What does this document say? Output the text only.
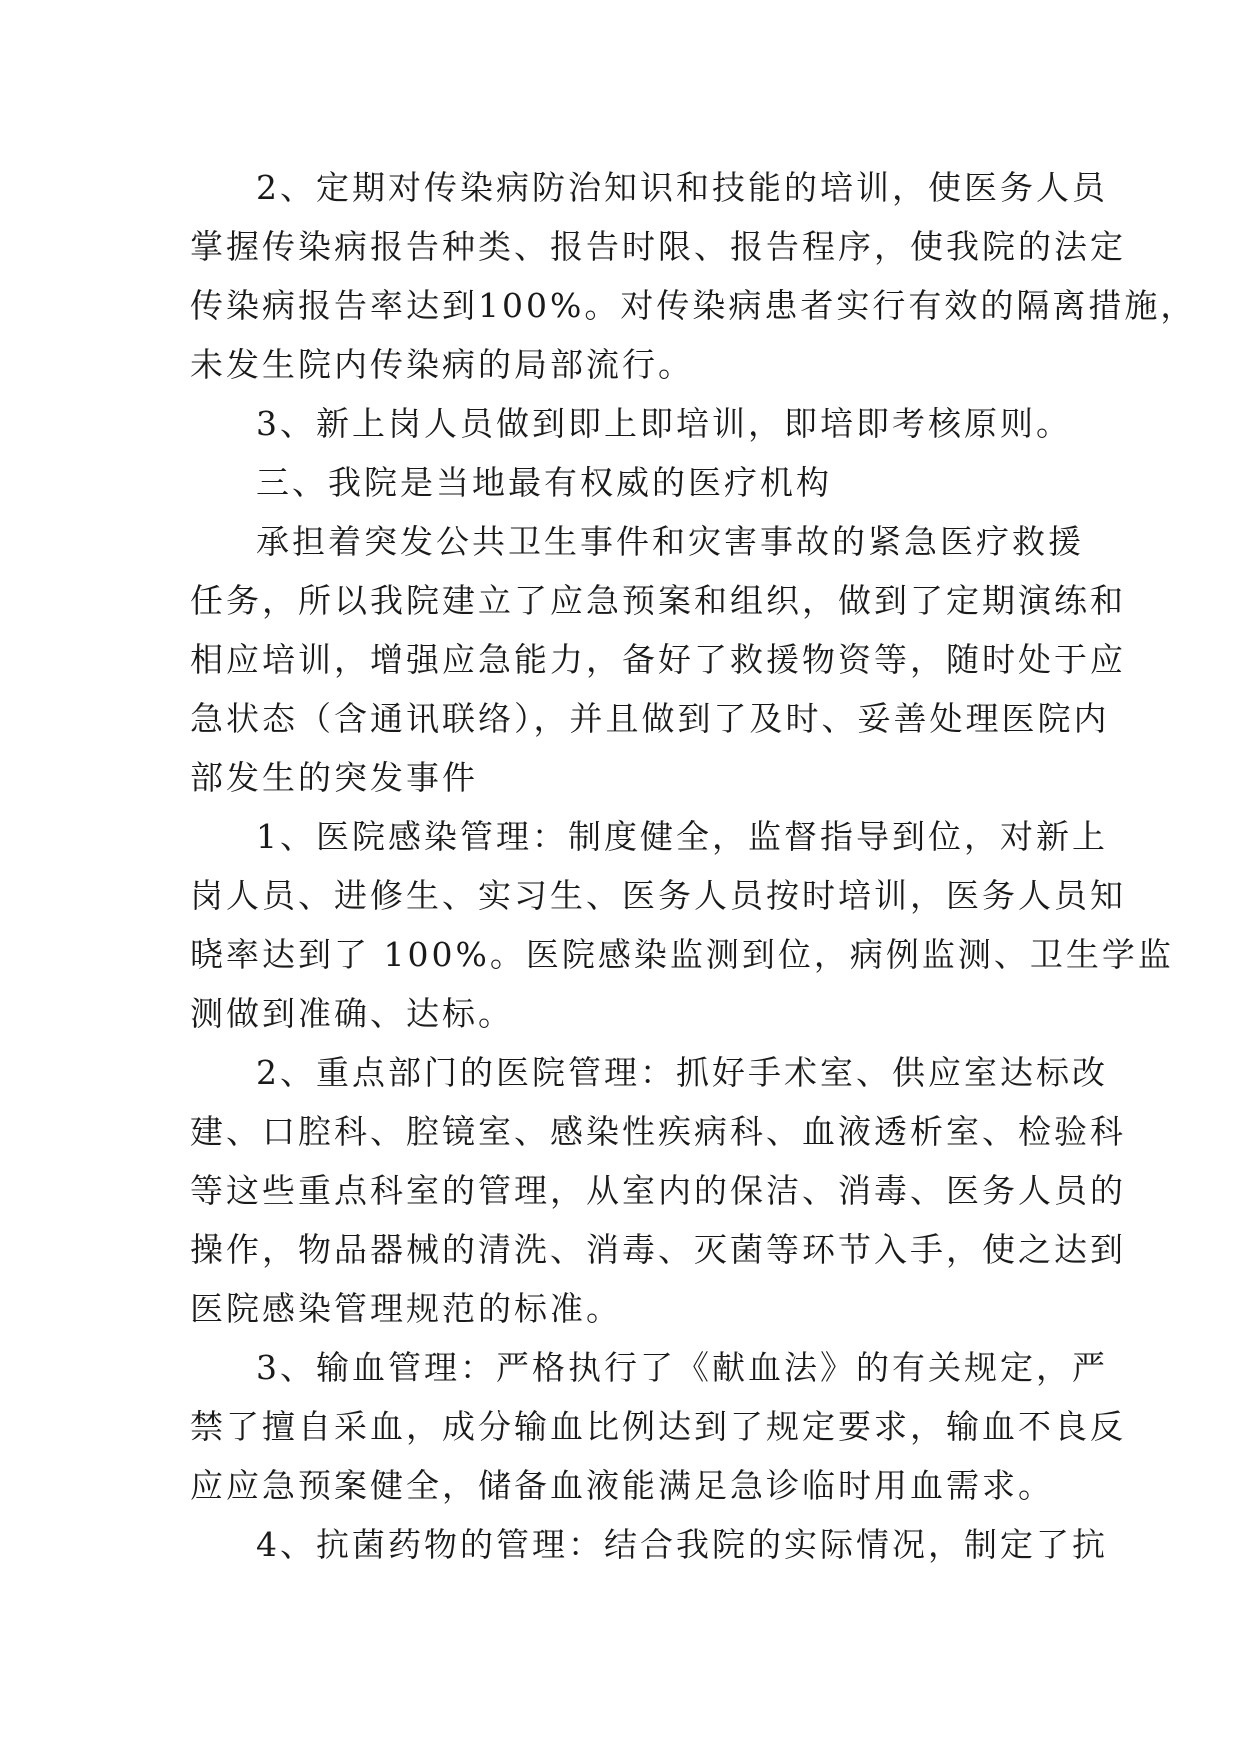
2、定期对传染病防治知识和技能的培训，使医务人员
掌握传染病报告种类、报告时限、报告程序，使我院的法定
传染病报告率达到100%。对传染病患者实行有效的隔离措施，
未发生院内传染病的局部流行。
3、新上岗人员做到即上即培训，即培即考核原则。
三、我院是当地最有权威的医疗机构
承担着突发公共卫生事件和灾害事故的紧急医疗救援
任务，所以我院建立了应急预案和组织，做到了定期演练和
相应培训，增强应急能力，备好了救援物资等，随时处于应
急状态（含通讯联络），并且做到了及时、妥善处理医院内
部发生的突发事件
1、医院感染管理：制度健全，监督指导到位，对新上
岗人员、进修生、实习生、医务人员按时培训，医务人员知
晓率达到了 100%。医院感染监测到位，病例监测、卫生学监
测做到准确、达标。
2、重点部门的医院管理：抓好手术室、供应室达标改
建、口腔科、腔镜室、感染性疾病科、血液透析室、检验科
等这些重点科室的管理，从室内的保洁、消毒、医务人员的
操作，物品器械的清洗、消毒、灭菌等环节入手，使之达到
医院感染管理规范的标准。
3、输血管理：严格执行了《献血法》的有关规定，严
禁了擅自采血，成分输血比例达到了规定要求，输血不良反
应应急预案健全，储备血液能满足急诊临时用血需求。
4、抗菌药物的管理：结合我院的实际情况，制定了抗
